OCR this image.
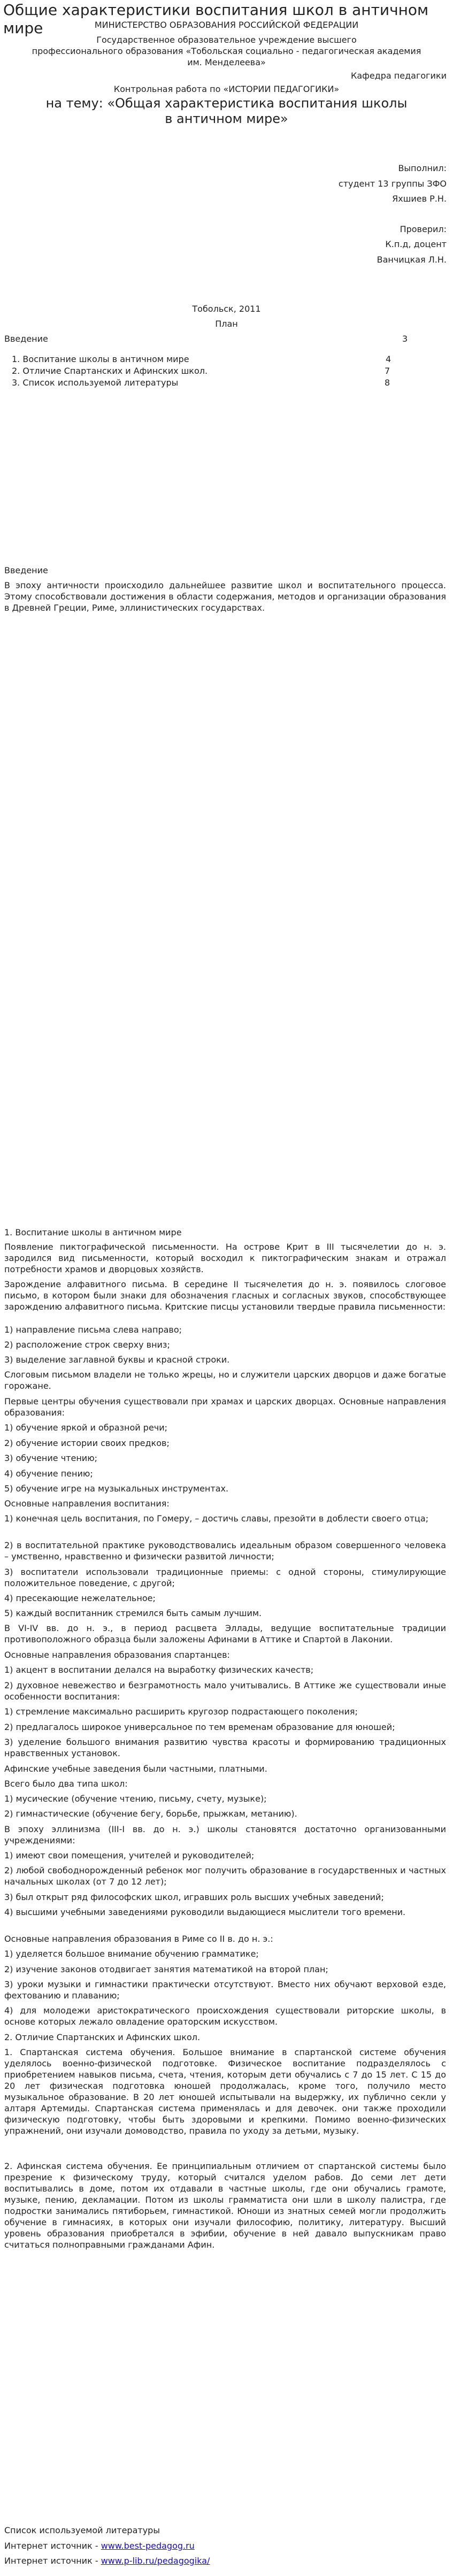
Общие характеристики воспитания школ в античном мире	МИНИСТЕРСТВО ОБРАЗОВАНИЯ РОССИЙСКОЙ ФЕДЕРАЦИИ
Государственное образовательное учреждение высшего
профессионального образования «Тобольская социально - педагогическая академия
им. Менделеева»
Кафедра педагогики
Контрольная работа по «ИСТОРИИ ПЕДАГОГИКИ»
на тему: «Общая характеристика воспитания школы
в античном мире»
Выполнил:
студент 13 группы ЗФО
Яхшиев Р.Н.
Проверил:
К.п.д, доцент
Ванчицкая Л.Н.
Тобольск, 2011
План
Введение	3
1. Воспитание школы в античном мире	4
2. Отличие Спартанских и Афинских школ.	7
3. Список используемой литературы	8
Введение
В эпоху античности происходило дальнейшее развитие школ и воспитательного процесса. Этому способствовали достижения в области содержания, методов и организации образования в Древней Греции, Риме, эллинистических государствах.
1. Воспитание школы в античном мире
Появление пиктографической письменности. На острове Крит в III тысячелетии до н. э. зародился вид письменности, который восходил к пиктографическим знакам и отражал потребности храмов и дворцовых хозяйств.
Зарождение алфавитного письма. В середине II тысячелетия до н. э. появилось слоговое письмо, в котором были знаки для обозначения гласных и согласных звуков, способствующее зарождению алфавитного письма. Критские писцы установили твердые правила письменности:
1) направление письма слева направо;
2) расположение строк сверху вниз;
3) выделение заглавной буквы и красной строки.
Слоговым письмом владели не только жрецы, но и служители царских дворцов и даже богатые горожане.
Первые центры обучения существовали при храмах и царских дворцах. Основные направления образования:
1) обучение яркой и образной речи;
2) обучение истории своих предков;
3) обучение чтению;
4) обучение пению;
5) обучение игре на музыкальных инструментах.
Основные направления воспитания:
1) конечная цель воспитания, по Гомеру, – достичь славы, презойти в доблести своего отца;
2) в воспитательной практике руководствовались идеальным образом совершенного человека – умственно, нравственно и физически развитой личности;
3) воспитатели использовали традиционные приемы: с одной стороны, стимулирующие положительное поведение, с другой;
4) пресекающие нежелательное;
5) каждый воспитанник стремился быть самым лучшим.
В VI-IV вв. до н. э., в период расцвета Эллады, ведущие воспитательные традиции противоположного образца были заложены Афинами в Аттике и Спартой в Лаконии.
Основные направления образования спартанцев:
1) акцент в воспитании делался на выработку физических качеств;
2) духовное невежество и безграмотность мало учитывались. В Аттике же существовали иные особенности воспитания:
1) стремление максимально расширить кругозор подрастающего поколения;
2) предлагалось широкое универсальное по тем временам образование для юношей;
3) уделение большого внимания развитию чувства красоты и формированию традиционных нравственных установок.
Афинские учебные заведения были частными, платными.
Всего было два типа школ:
1) мусические (обучение чтению, письму, счету, музыке);
2) гимнастические (обучение бегу, борьбе, прыжкам, метанию).
В эпоху эллинизма (III-I вв. до н. э.) школы становятся достаточно организованными учреждениями:
1) имеют свои помещения, учителей и руководителей;
2) любой свободнорожденный ребенок мог получить образование в государственных и частных начальных школах (от 7 до 12 лет);
3) был открыт ряд философских школ, игравших роль высших учебных заведений;
4) высшими учебными заведениями руководили выдающиеся мыслители того времени.
Основные направления образования в Риме со II в. до н. э.:
1) уделяется большое внимание обучению грамматике;
2) изучение законов отодвигает занятия математикой на второй план;
3) уроки музыки и гимнастики практически отсутствуют. Вместо них обучают верховой езде, фехтованию и плаванию;
4) для молодежи аристократического происхождения существовали риторские школы, в основе которых лежало овладение ораторским искусством.
2. Отличие Спартанских и Афинских школ.
1. Спартанская система обучения. Большое внимание в спартанской системе обучения уделялось военно-физической подготовке. Физическое воспитание подразделялось с приобретением навыков письма, счета, чтения, которым дети обучались с 7 до 15 лет. С 15 до 20 лет физическая подготовка юношей продолжалась, кроме того, получило место музыкальное образование. В 20 лет юношей испытывали на выдержку, их публично секли у алтаря Артемиды. Спартанская система применялась и для девочек. они также проходили физическую подготовку, чтобы быть здоровыми и крепкими. Помимо военно-физических упражнений, они изучали домоводство, правила по уходу за детьми, музыку.
2. Афинская система обучения. Ее принципиальным отличием от спартанской системы было презрение к физическому труду, который считался уделом рабов. До семи лет дети воспитывались в доме, потом их отдавали в частные школы, где они обучались грамоте, музыке, пению, декламации. Потом из школы грамматиста они шли в школу палистра, где подростки занимались пятиборьем, гимнастикой. Юноши из знатных семей могли продолжить обучение в гимнасиях, в которых они изучали философию, политику, литературу. Высший уровень образования приобретался в эфибии, обучение в ней давало выпускникам право считаться полноправными гражданами Афин.
Список используемой литературы
Интернет источник - www.best-pedagog.ru
Интернет источник - www.p-lib.ru/pedagogika/
